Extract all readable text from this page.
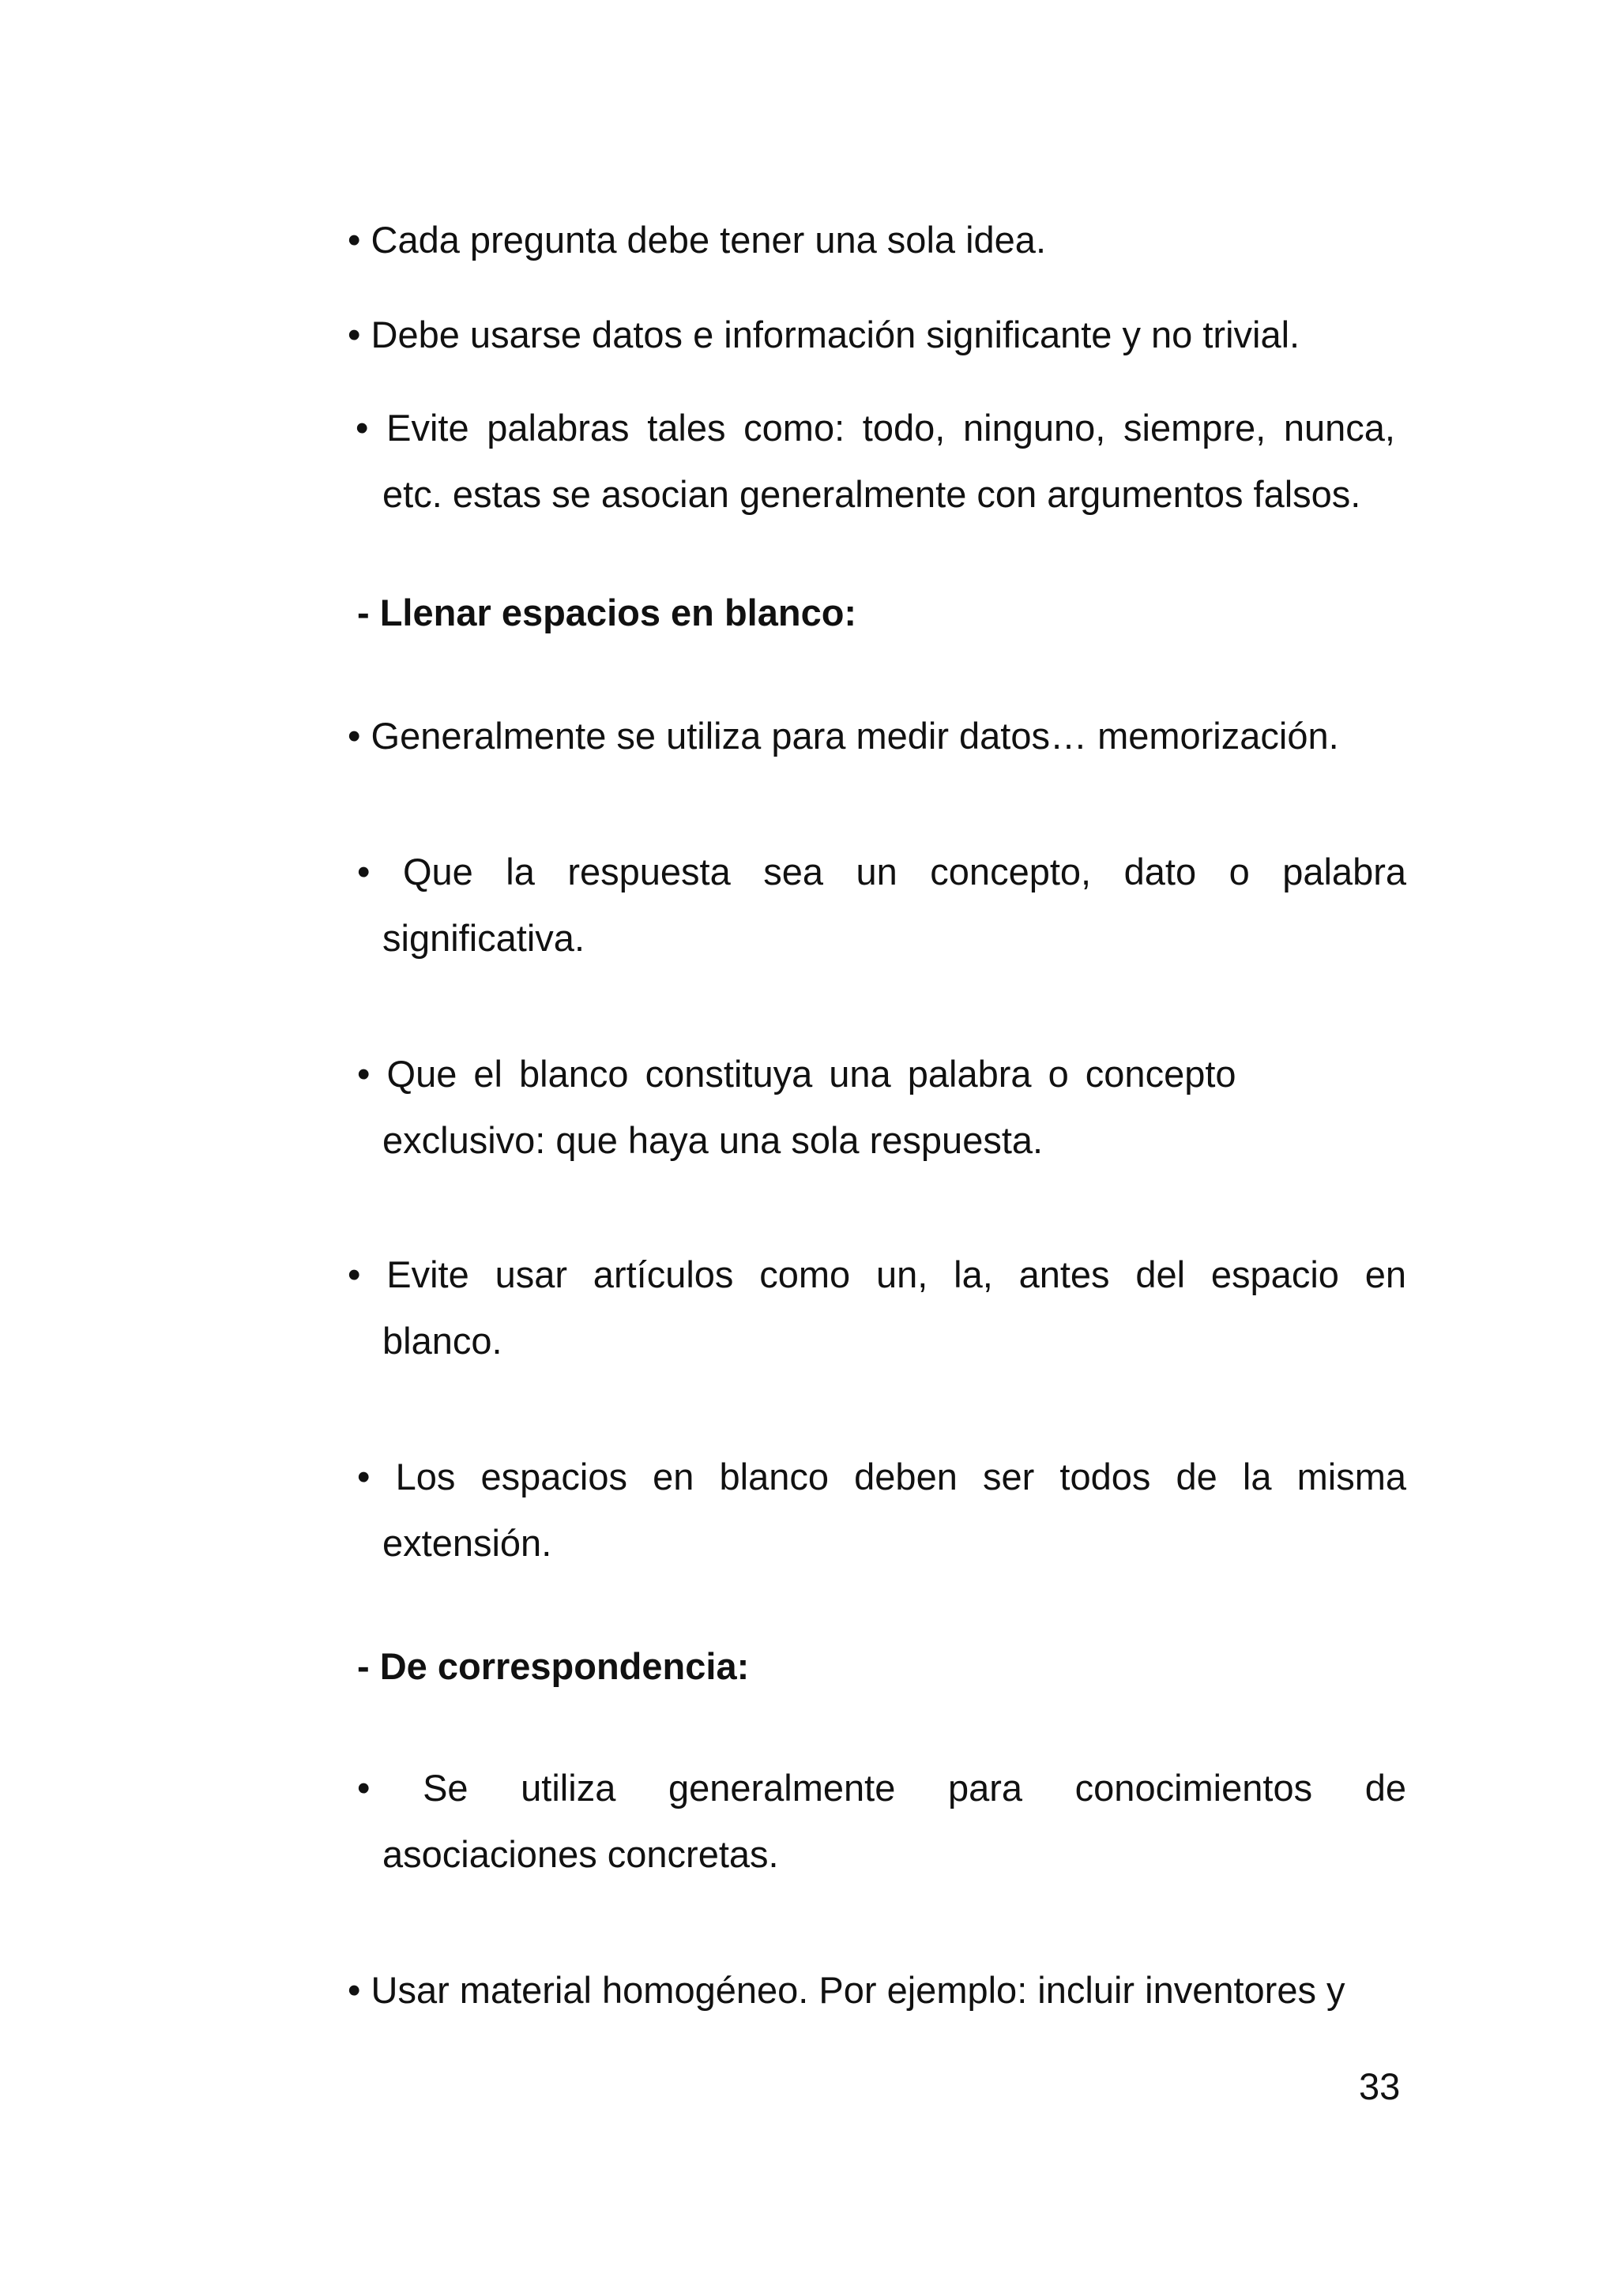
• Cada pregunta debe tener una sola idea.
• Debe usarse datos e información significante y no trivial.
• Evite palabras tales como: todo, ninguno, siempre, nunca,
etc. estas se asocian generalmente con argumentos falsos.
- Llenar espacios en blanco:
• Generalmente se utiliza para medir datos… memorización.
• Que la respuesta sea un concepto, dato o palabra
significativa.
• Que el blanco constituya una palabra o concepto
exclusivo: que haya una sola respuesta.
• Evite usar artículos como un, la, antes del espacio en
blanco.
• Los espacios en blanco deben ser todos de la misma
extensión.
- De correspondencia:
• Se utiliza generalmente para conocimientos de
asociaciones concretas.
• Usar material homogéneo. Por ejemplo: incluir inventores y
33
